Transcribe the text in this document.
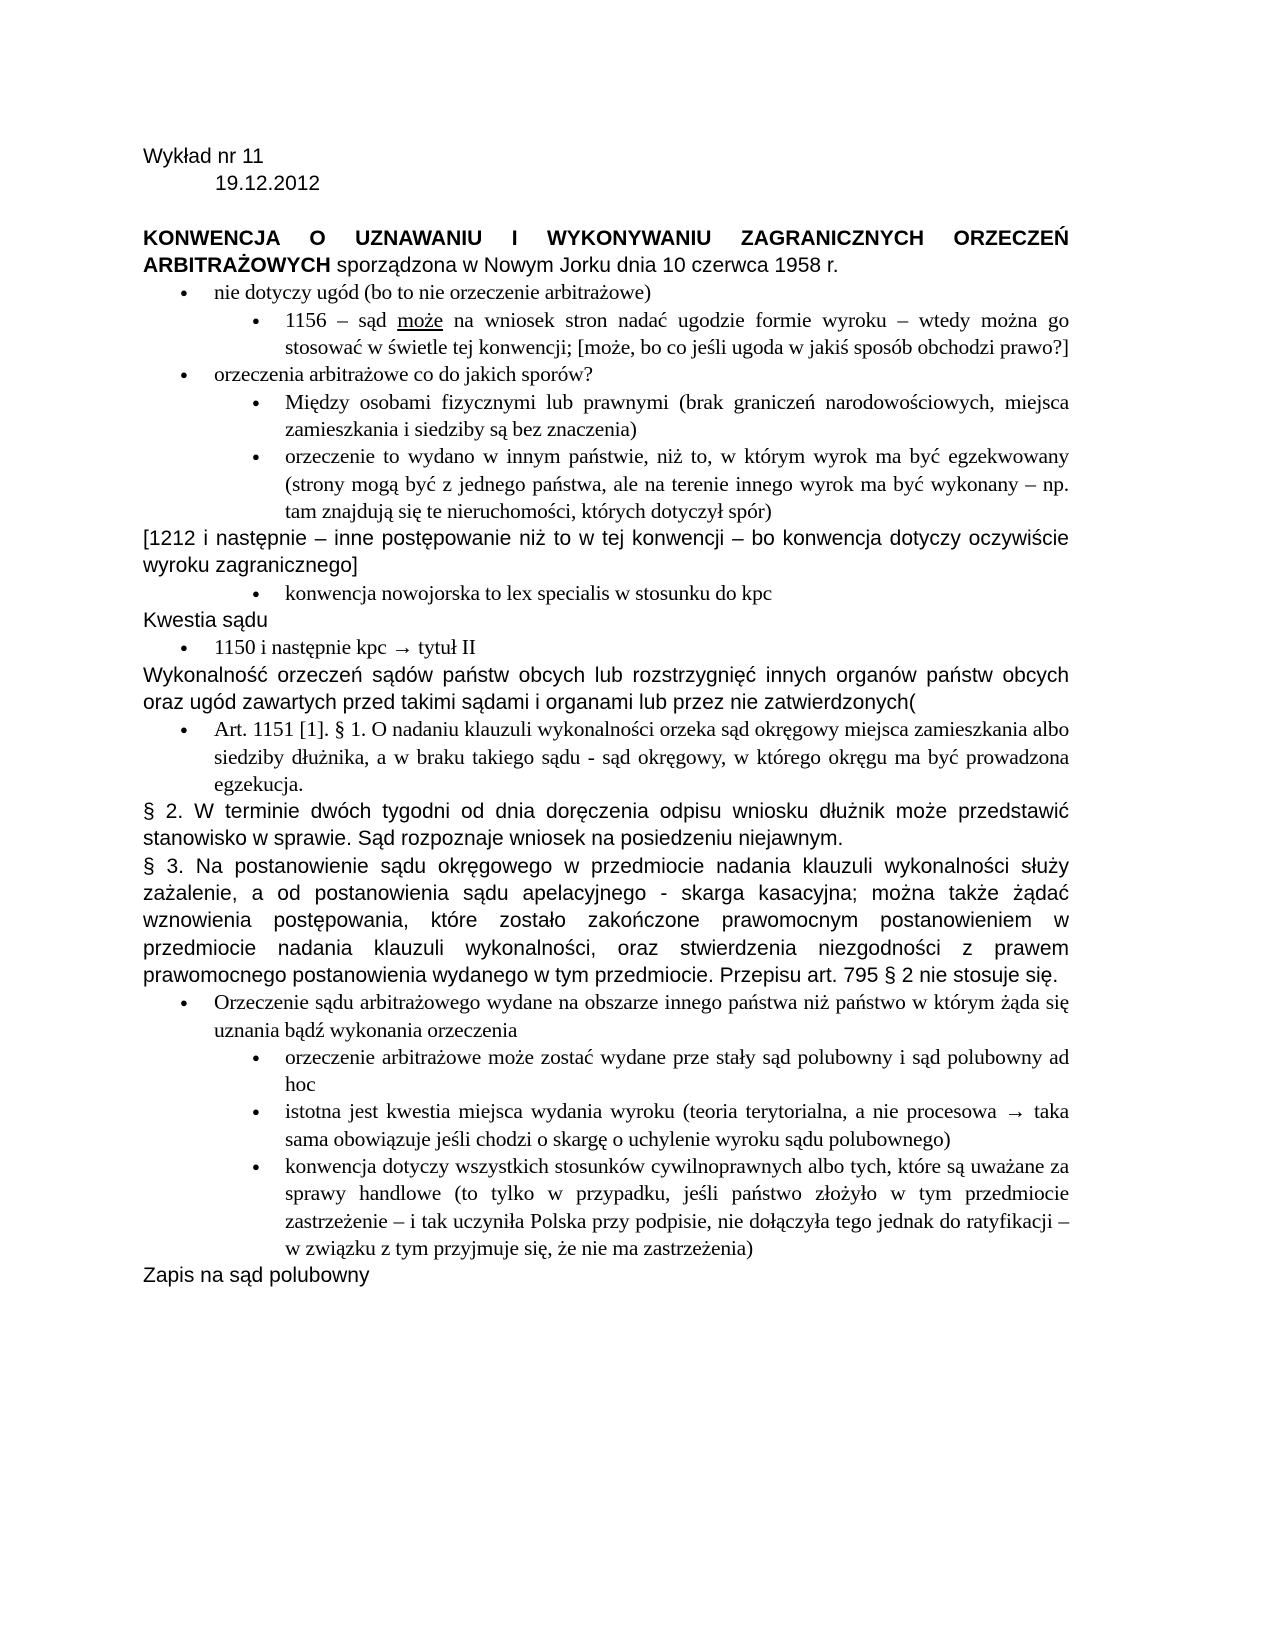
Wykład nr 11
19.12.2012
KONWENCJA O UZNAWANIU I WYKONYWANIU ZAGRANICZNYCH ORZECZEŃ ARBITRAŻOWYCH sporządzona w Nowym Jorku dnia 10 czerwca 1958 r.
● nie dotyczy ugód (bo to nie orzeczenie arbitrażowe)
● 1156 – sąd może na wniosek stron nadać ugodzie formie wyroku – wtedy można go stosować w świetle tej konwencji; [może, bo co jeśli ugoda w jakiś sposób obchodzi prawo?]
● orzeczenia arbitrażowe co do jakich sporów?
● Między osobami fizycznymi lub prawnymi (brak graniczeń narodowościowych, miejsca zamieszkania i siedziby są bez znaczenia)
● orzeczenie to wydano w innym państwie, niż to, w którym wyrok ma być egzekwowany (strony mogą być z jednego państwa, ale na terenie innego wyrok ma być wykonany – np. tam znajdują się te nieruchomości, których dotyczył spór)
[1212 i następnie – inne postępowanie niż to w tej konwencji – bo konwencja dotyczy oczywiście wyroku zagranicznego]
● konwencja nowojorska to lex specialis w stosunku do kpc
Kwestia sądu
● 1150 i następnie kpc → tytuł II
Wykonalność orzeczeń sądów państw obcych lub rozstrzygnięć innych organów państw obcych oraz ugód zawartych przed takimi sądami i organami lub przez nie zatwierdzonych(
● Art. 1151 [1]. § 1. O nadaniu klauzuli wykonalności orzeka sąd okręgowy miejsca zamieszkania albo siedziby dłużnika, a w braku takiego sądu - sąd okręgowy, w którego okręgu ma być prowadzona egzekucja.
§ 2. W terminie dwóch tygodni od dnia doręczenia odpisu wniosku dłużnik może przedstawić stanowisko w sprawie. Sąd rozpoznaje wniosek na posiedzeniu niejawnym.
§ 3. Na postanowienie sądu okręgowego w przedmiocie nadania klauzuli wykonalności służy zażalenie, a od postanowienia sądu apelacyjnego - skarga kasacyjna; można także żądać wznowienia postępowania, które zostało zakończone prawomocnym postanowieniem w przedmiocie nadania klauzuli wykonalności, oraz stwierdzenia niezgodności z prawem prawomocnego postanowienia wydanego w tym przedmiocie. Przepisu art. 795 § 2 nie stosuje się.
● Orzeczenie sądu arbitrażowego wydane na obszarze innego państwa niż państwo w którym żąda się uznania bądź wykonania orzeczenia
● orzeczenie arbitrażowe może zostać wydane prze stały sąd polubowny i sąd polubowny ad hoc
● istotna jest kwestia miejsca wydania wyroku (teoria terytorialna, a nie procesowa → taka sama obowiązuje jeśli chodzi o skargę o uchylenie wyroku sądu polubownego)
● konwencja dotyczy wszystkich stosunków cywilnoprawnych albo tych, które są uważane za sprawy handlowe (to tylko w przypadku, jeśli państwo złożyło w tym przedmiocie zastrzeżenie – i tak uczyniła Polska przy podpisie, nie dołączyła tego jednak do ratyfikacji – w związku z tym przyjmuje się, że nie ma zastrzeżenia)
Zapis na sąd polubowny
